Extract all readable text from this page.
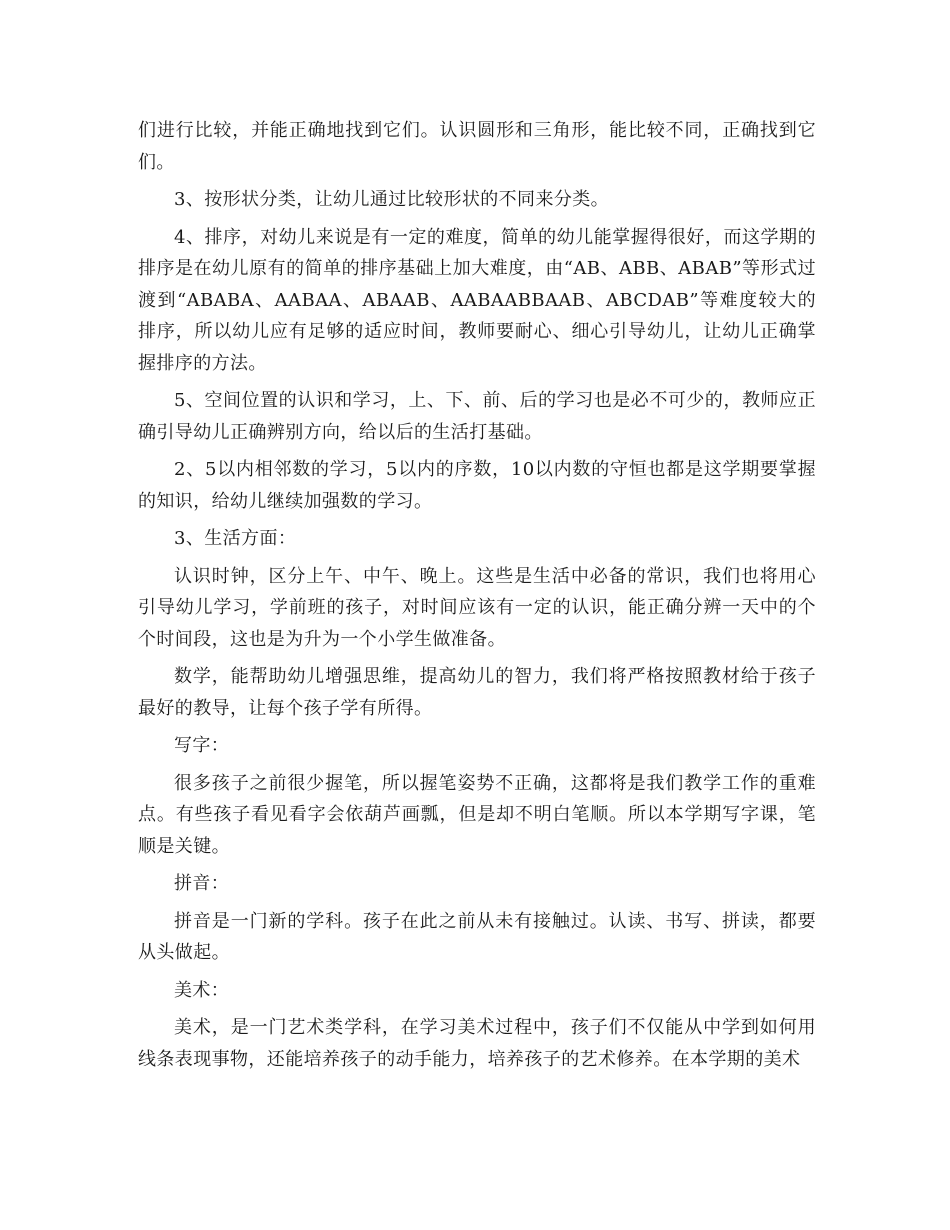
们进行比较，并能正确地找到它们。认识圆形和三角形，能比较不同，正确找到它们。

3、按形状分类，让幼儿通过比较形状的不同来分类。

4、排序，对幼儿来说是有一定的难度，简单的幼儿能掌握得很好，而这学期的排序是在幼儿原有的简单的排序基础上加大难度，由“AB、ABB、ABAB”等形式过渡到“ABABA、AABAA、ABAAB、AABAABBAAB、ABCDAB”等难度较大的排序，所以幼儿应有足够的适应时间，教师要耐心、细心引导幼儿，让幼儿正确掌握排序的方法。

5、空间位置的认识和学习，上、下、前、后的学习也是必不可少的，教师应正确引导幼儿正确辨别方向，给以后的生活打基础。

2、5以内相邻数的学习，5以内的序数，10以内数的守恒也都是这学期要掌握的知识，给幼儿继续加强数的学习。

3、生活方面：

认识时钟，区分上午、中午、晚上。这些是生活中必备的常识，我们也将用心引导幼儿学习，学前班的孩子，对时间应该有一定的认识，能正确分辨一天中的个个时间段，这也是为升为一个小学生做准备。

数学，能帮助幼儿增强思维，提高幼儿的智力，我们将严格按照教材给于孩子最好的教导，让每个孩子学有所得。

写字：

很多孩子之前很少握笔，所以握笔姿势不正确，这都将是我们教学工作的重难点。有些孩子看见看字会依葫芦画瓢，但是却不明白笔顺。所以本学期写字课，笔顺是关键。

拼音：

拼音是一门新的学科。孩子在此之前从未有接触过。认读、书写、拼读，都要从头做起。

美术：

美术，是一门艺术类学科，在学习美术过程中，孩子们不仅能从中学到如何用线条表现事物，还能培养孩子的动手能力，培养孩子的艺术修养。在本学期的美术
